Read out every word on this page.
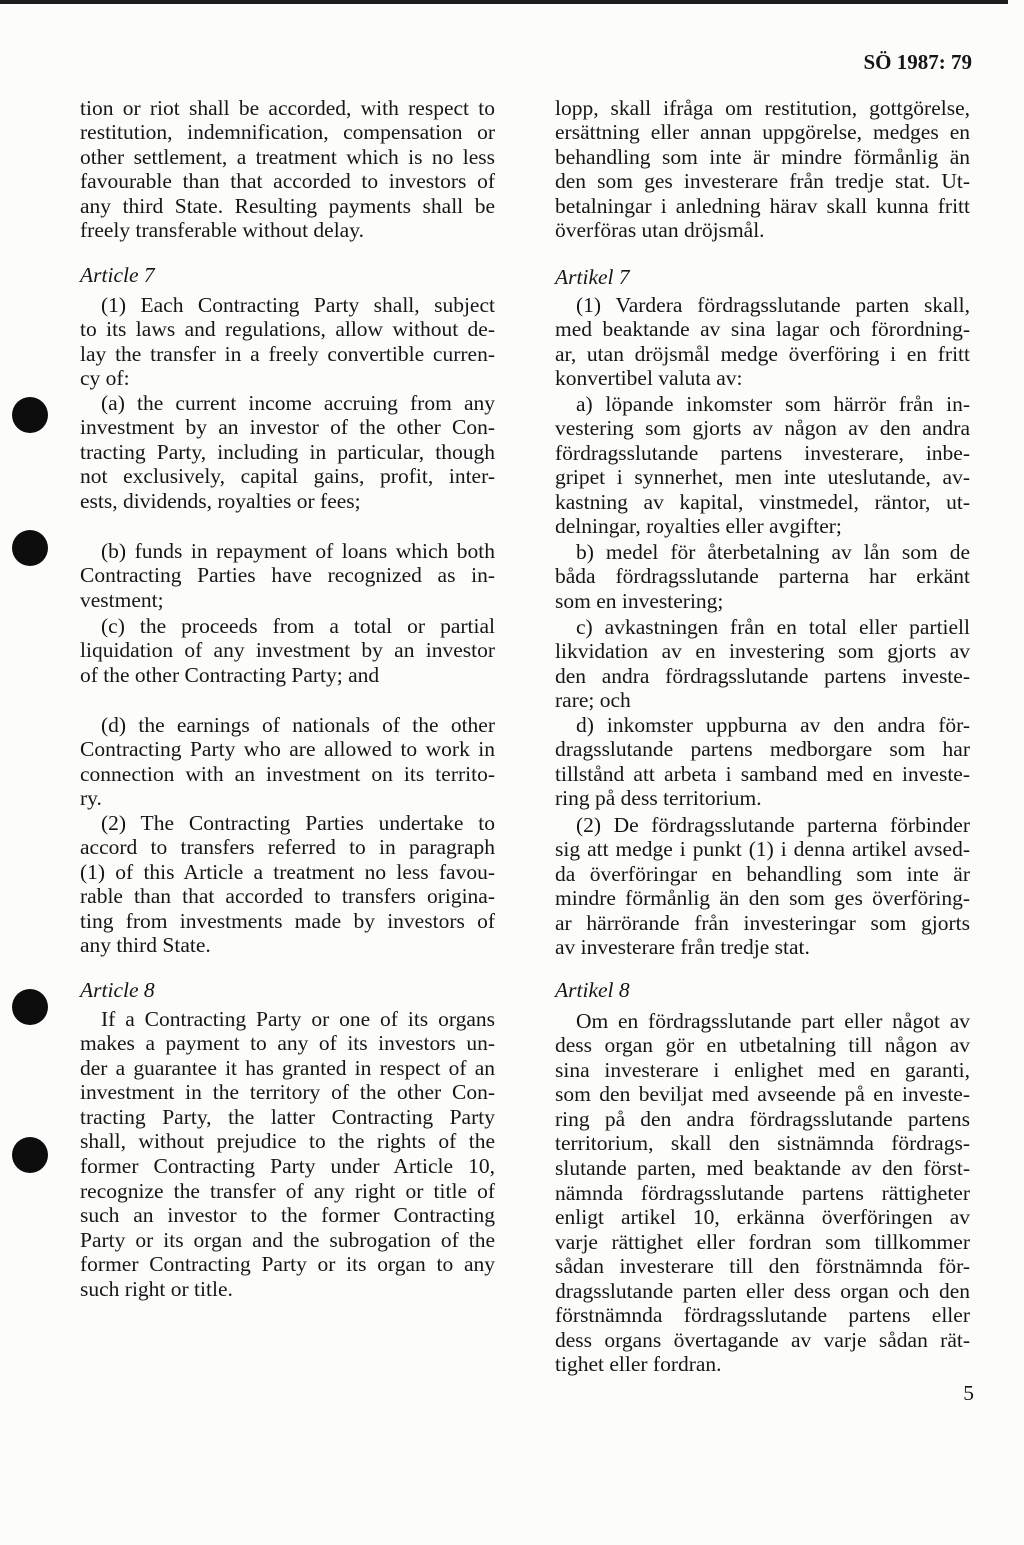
SÖ 1987: 79
tion or riot shall be accorded, with respect to
restitution, indemnification, compensation or
other settlement, a treatment which is no less
favourable than that accorded to investors of
any third State. Resulting payments shall be
freely transferable without delay.
Article 7
(1) Each Contracting Party shall, subject
to its laws and regulations, allow without de-
lay the transfer in a freely convertible curren-
cy of:
(a) the current income accruing from any
investment by an investor of the other Con-
tracting Party, including in particular, though
not exclusively, capital gains, profit, inter-
ests, dividends, royalties or fees;
(b) funds in repayment of loans which both
Contracting Parties have recognized as in-
vestment;
(c) the proceeds from a total or partial
liquidation of any investment by an investor
of the other Contracting Party; and
(d) the earnings of nationals of the other
Contracting Party who are allowed to work in
connection with an investment on its territo-
ry.
(2) The Contracting Parties undertake to
accord to transfers referred to in paragraph
(1) of this Article a treatment no less favou-
rable than that accorded to transfers origina-
ting from investments made by investors of
any third State.
Article 8
If a Contracting Party or one of its organs
makes a payment to any of its investors un-
der a guarantee it has granted in respect of an
investment in the territory of the other Con-
tracting Party, the latter Contracting Party
shall, without prejudice to the rights of the
former Contracting Party under Article 10,
recognize the transfer of any right or title of
such an investor to the former Contracting
Party or its organ and the subrogation of the
former Contracting Party or its organ to any
such right or title.
lopp, skall ifråga om restitution, gottgörelse,
ersättning eller annan uppgörelse, medges en
behandling som inte är mindre förmånlig än
den som ges investerare från tredje stat. Ut-
betalningar i anledning härav skall kunna fritt
överföras utan dröjsmål.
Artikel 7
(1) Vardera fördragsslutande parten skall,
med beaktande av sina lagar och förordning-
ar, utan dröjsmål medge överföring i en fritt
konvertibel valuta av:
a) löpande inkomster som härrör från in-
vestering som gjorts av någon av den andra
fördragsslutande partens investerare, inbe-
gripet i synnerhet, men inte uteslutande, av-
kastning av kapital, vinstmedel, räntor, ut-
delningar, royalties eller avgifter;
b) medel för återbetalning av lån som de
båda fördragsslutande parterna har erkänt
som en investering;
c) avkastningen från en total eller partiell
likvidation av en investering som gjorts av
den andra fördragsslutande partens investe-
rare; och
d) inkomster uppburna av den andra för-
dragsslutande partens medborgare som har
tillstånd att arbeta i samband med en investe-
ring på dess territorium.
(2) De fördragsslutande parterna förbinder
sig att medge i punkt (1) i denna artikel avsed-
da överföringar en behandling som inte är
mindre förmånlig än den som ges överföring-
ar härrörande från investeringar som gjorts
av investerare från tredje stat.
Artikel 8
Om en fördragsslutande part eller något av
dess organ gör en utbetalning till någon av
sina investerare i enlighet med en garanti,
som den beviljat med avseende på en investe-
ring på den andra fördragsslutande partens
territorium, skall den sistnämnda fördrags-
slutande parten, med beaktande av den först-
nämnda fördragsslutande partens rättigheter
enligt artikel 10, erkänna överföringen av
varje rättighet eller fordran som tillkommer
sådan investerare till den förstnämnda för-
dragsslutande parten eller dess organ och den
förstnämnda fördragsslutande partens eller
dess organs övertagande av varje sådan rät-
tighet eller fordran.
5
